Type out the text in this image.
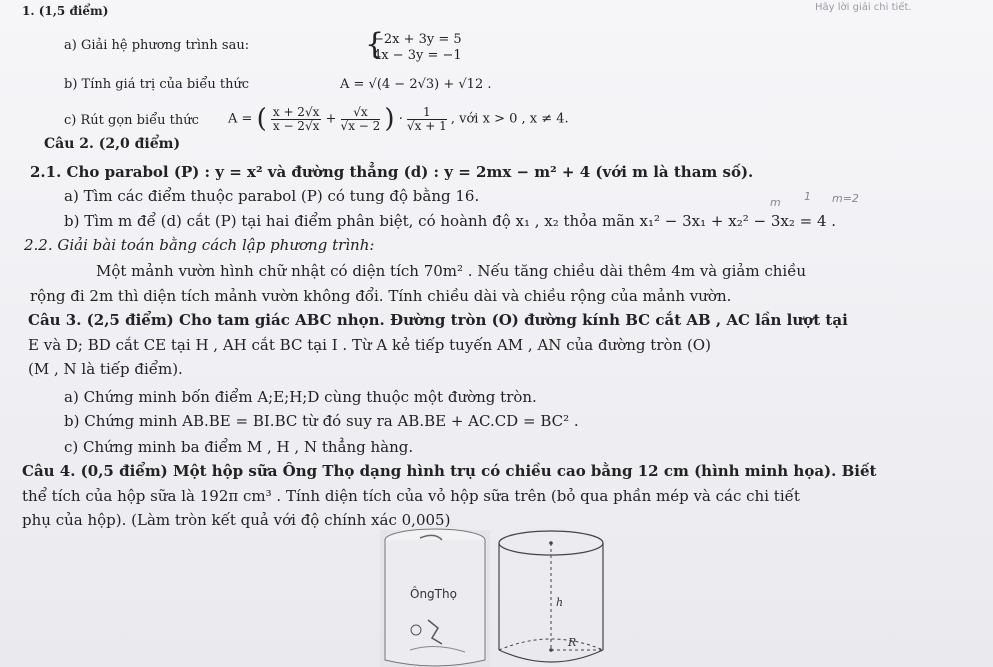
1. (1,5 điểm)	Hãy lời giải chi tiết.
a) Giải hệ phương trình sau:	{
−2x + 3y = 5
4x − 3y = −1
b) Tính giá trị của biểu thức	A = √(4 − 2√3) + √12 .
c) Rút gọn biểu thức A = ( $\frac{x + 2√x}{x - 2√x} + \frac{√x}{√x - 2}$ ) · $\frac{1}{√x + 1}$ , với x > 0 , x ≠ 4.
Câu 2. (2,0 điểm)
2.1. Cho parabol (P) : y = x² và đường thẳng (d) : y = 2mx − m² + 4 (với m là tham số).
a) Tìm các điểm thuộc parabol (P) có tung độ bằng 16.
b) Tìm m để (d) cắt (P) tại hai điểm phân biệt, có hoành độ x₁ , x₂ thỏa mãn x₁² − 3x₁ + x₂² − 3x₂ = 4 .
2.2. Giải bài toán bằng cách lập phương trình:
Một mảnh vườn hình chữ nhật có diện tích 70m² . Nếu tăng chiều dài thêm 4m và giảm chiều
rộng đi 2m thì diện tích mảnh vườn không đổi. Tính chiều dài và chiều rộng của mảnh vườn.
1 m=2
m
Câu 3. (2,5 điểm) Cho tam giác ABC nhọn. Đường tròn (O) đường kính BC cắt AB , AC lần lượt tại
E và D; BD cắt CE tại H , AH cắt BC tại I . Từ A kẻ tiếp tuyến AM , AN của đường tròn (O)
(M , N là tiếp điểm).
a) Chứng minh bốn điểm A;E;H;D cùng thuộc một đường tròn.
b) Chứng minh AB.BE = BI.BC từ đó suy ra AB.BE + AC.CD = BC² .
c) Chứng minh ba điểm M , H , N thẳng hàng.
Câu 4. (0,5 điểm) Một hộp sữa Ông Thọ dạng hình trụ có chiều cao bằng 12 cm (hình minh họa). Biết
thể tích của hộp sữa là 192π cm³ . Tính diện tích của vỏ hộp sữa trên (bỏ qua phần mép và các chi tiết
phụ của hộp). (Làm tròn kết quả với độ chính xác 0,005)
ÔngThọ
h
R
